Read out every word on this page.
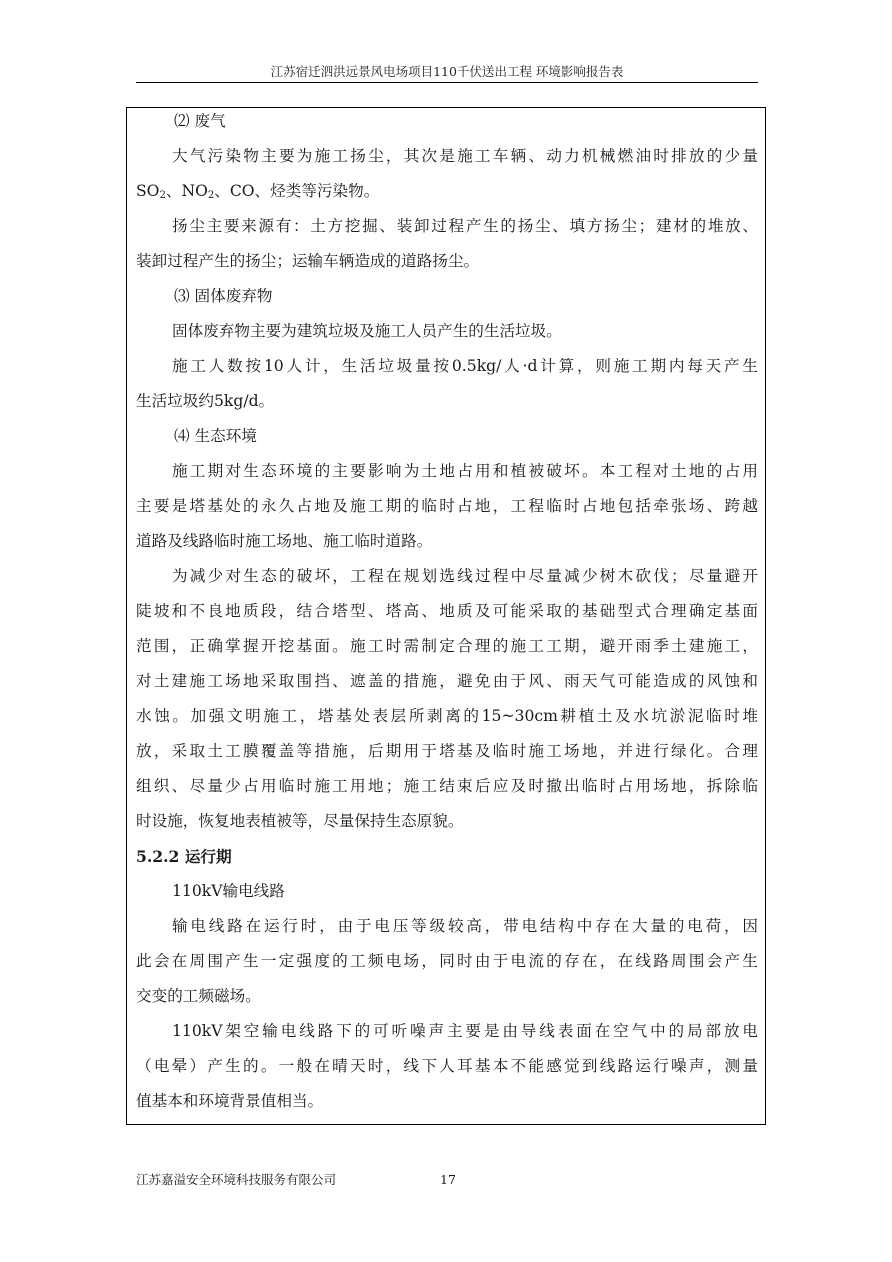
江苏宿迁泗洪远景风电场项目110千伏送出工程 环境影响报告表
⑵ 废气
大气污染物主要为施工扬尘，其次是施工车辆、动力机械燃油时排放的少量
$SO_2$、$NO_2$、CO、烃类等污染物。
扬尘主要来源有：土方挖掘、装卸过程产生的扬尘、填方扬尘；建材的堆放、
装卸过程产生的扬尘；运输车辆造成的道路扬尘。
⑶ 固体废弃物
固体废弃物主要为建筑垃圾及施工人员产生的生活垃圾。
施工人数按10人计，生活垃圾量按0.5kg/人·d计算，则施工期内每天产生
生活垃圾约5kg/d。
⑷ 生态环境
施工期对生态环境的主要影响为土地占用和植被破坏。本工程对土地的占用
主要是塔基处的永久占地及施工期的临时占地，工程临时占地包括牵张场、跨越
道路及线路临时施工场地、施工临时道路。
为减少对生态的破坏，工程在规划选线过程中尽量减少树木砍伐；尽量避开
陡坡和不良地质段，结合塔型、塔高、地质及可能采取的基础型式合理确定基面
范围，正确掌握开挖基面。施工时需制定合理的施工工期，避开雨季土建施工，
对土建施工场地采取围挡、遮盖的措施，避免由于风、雨天气可能造成的风蚀和
水蚀。加强文明施工，塔基处表层所剥离的15~30cm耕植土及水坑淤泥临时堆
放，采取土工膜覆盖等措施，后期用于塔基及临时施工场地，并进行绿化。合理
组织、尽量少占用临时施工用地；施工结束后应及时撤出临时占用场地，拆除临
时设施，恢复地表植被等，尽量保持生态原貌。
5.2.2 运行期
110kV输电线路
输电线路在运行时，由于电压等级较高，带电结构中存在大量的电荷，因
此会在周围产生一定强度的工频电场，同时由于电流的存在，在线路周围会产生
交变的工频磁场。
110kV架空输电线路下的可听噪声主要是由导线表面在空气中的局部放电
（电晕）产生的。一般在晴天时，线下人耳基本不能感觉到线路运行噪声，测量
值基本和环境背景值相当。
江苏嘉溢安全环境科技服务有限公司	17
